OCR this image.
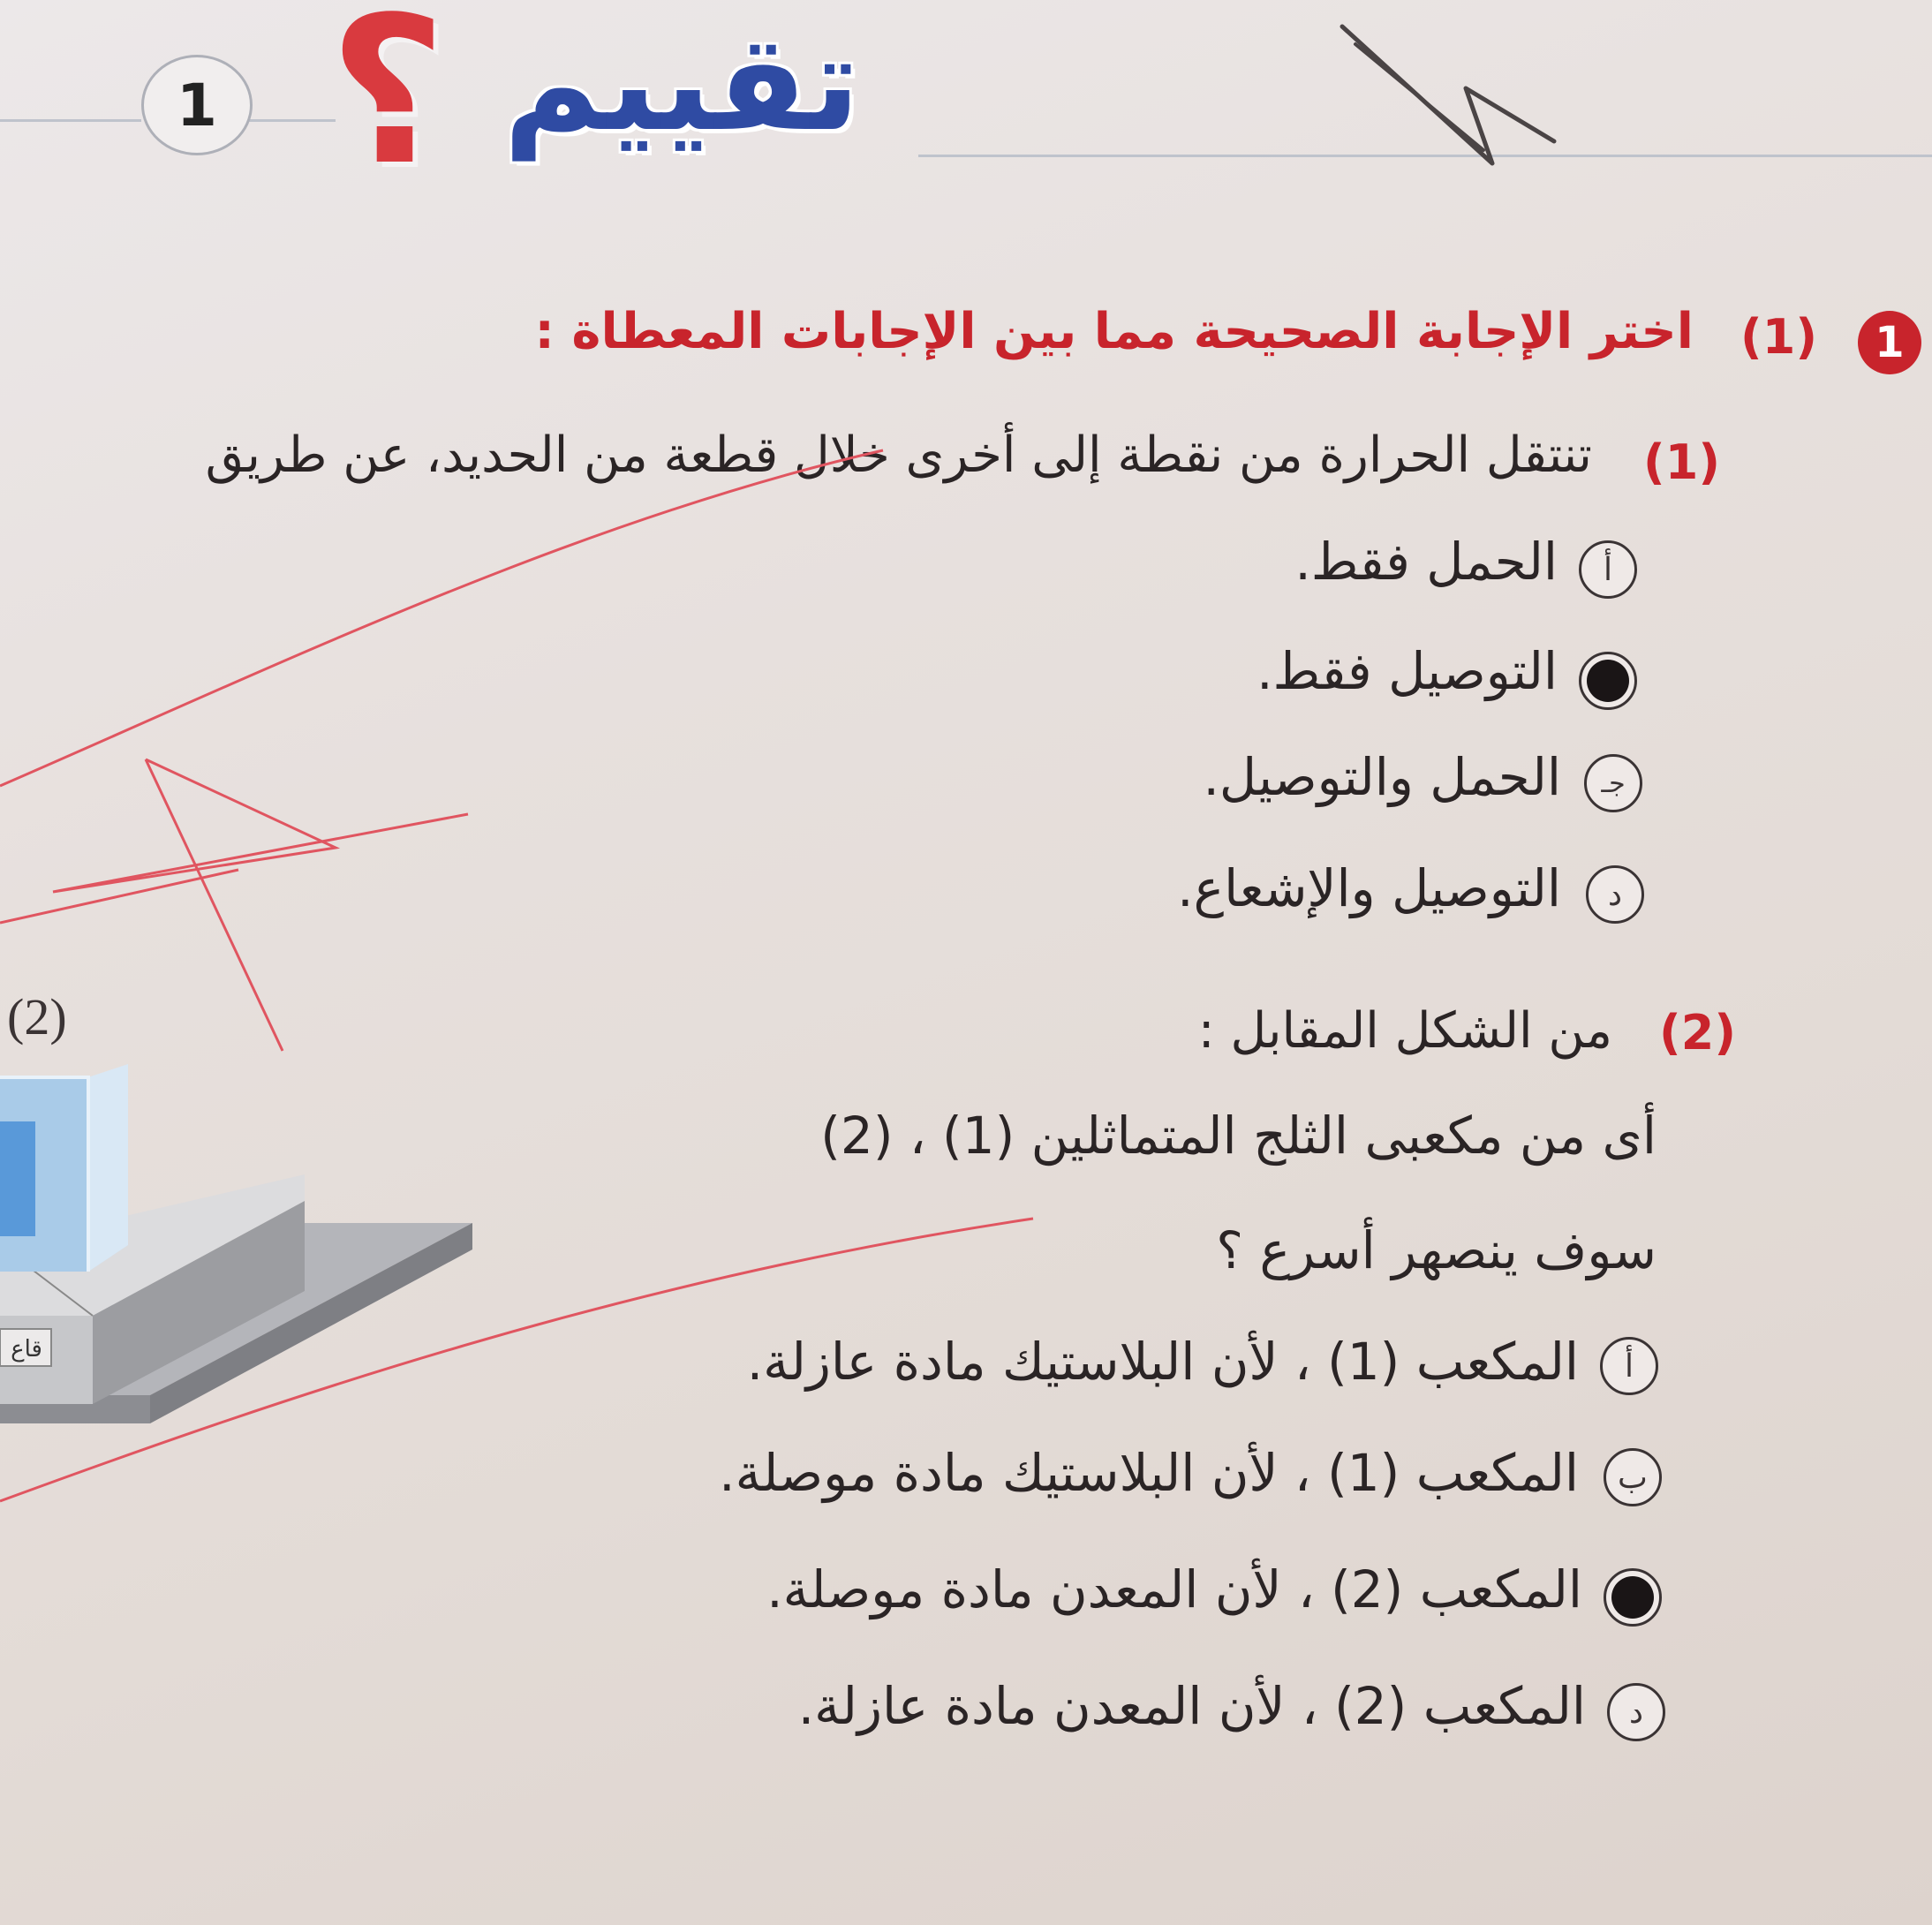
1 ؟ تقييم
1
(1)
اختر الإجابة الصحيحة مما بين الإجابات المعطاة :
(1)
تنتقل الحرارة من نقطة إلى أخرى خلال قطعة من الحديد، عن طريق
أ
الحمل فقط.
التوصيل فقط.
جـ
الحمل والتوصيل.
د
التوصيل والإشعاع.
(2)
من الشكل المقابل :
أى من مكعبى الثلج المتماثلين (1) ، (2)
سوف ينصهر أسرع ؟
أ
المكعب (1) ، لأن البلاستيك مادة عازلة.
ب
المكعب (1) ، لأن البلاستيك مادة موصلة.
المكعب (2) ، لأن المعدن مادة موصلة.
د
المكعب (2) ، لأن المعدن مادة عازلة.
(2)
قاع
